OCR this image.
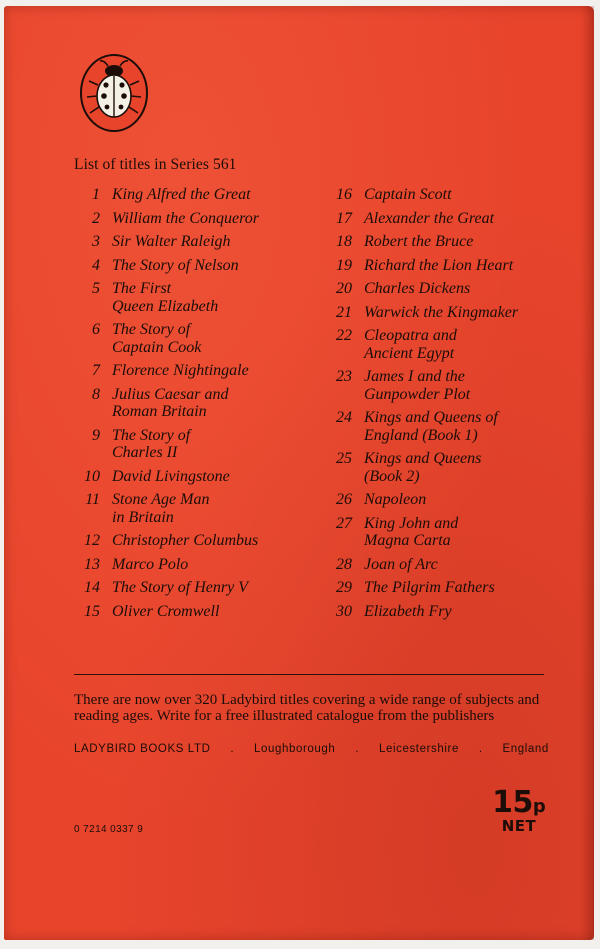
List of titles in Series 561
1 King Alfred the Great
2 William the Conqueror
3 Sir Walter Raleigh
4 The Story of Nelson
5 The First
Queen Elizabeth
6 The Story of
Captain Cook
7 Florence Nightingale
8 Julius Caesar and
Roman Britain
9 The Story of
Charles II
10 David Livingstone
11 Stone Age Man
in Britain
12 Christopher Columbus
13 Marco Polo
14 The Story of Henry V
15 Oliver Cromwell
16 Captain Scott
17 Alexander the Great
18 Robert the Bruce
19 Richard the Lion Heart
20 Charles Dickens
21 Warwick the Kingmaker
22 Cleopatra and
Ancient Egypt
23 James I and the
Gunpowder Plot
24 Kings and Queens of
England (Book 1)
25 Kings and Queens
(Book 2)
26 Napoleon
27 King John and
Magna Carta
28 Joan of Arc
29 The Pilgrim Fathers
30 Elizabeth Fry
There are now over 320 Ladybird titles covering a wide range of subjects and reading ages. Write for a free illustrated catalogue from the publishers
LADYBIRD BOOKS LTD . Loughborough . Leicestershire . England
0 7214 0337 9
15p
NET
